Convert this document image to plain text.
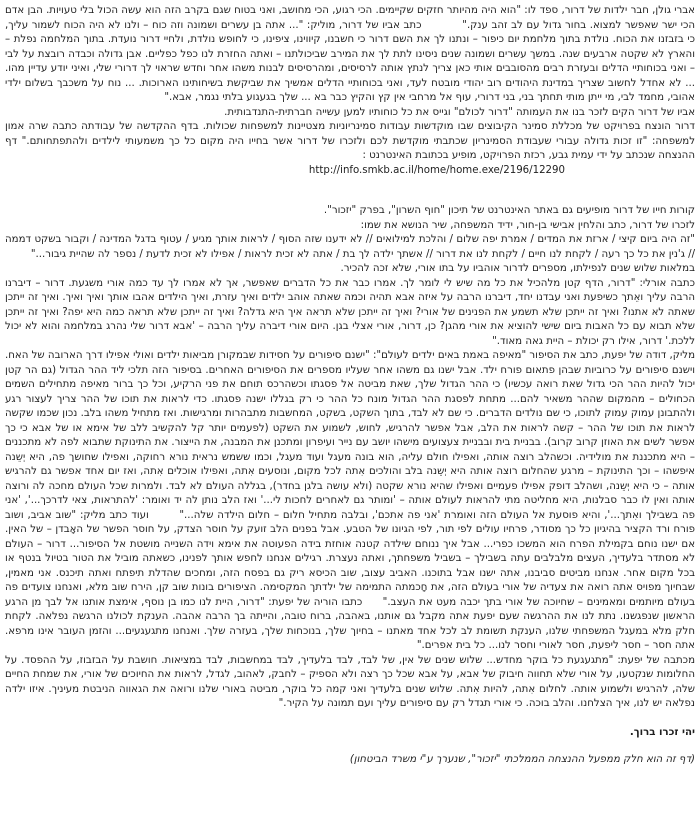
אברי גולן, חבר ילדות של דרור, ספד לו: "הוא היה מהיותר חזקים שקיימים. הכי רגוע, הכי מחושב, ואני בטוח שגם בקרב הזה הוא עשה הכול בלי טעויות. הבן אדם הכי ישר שאפשר למצוא. בחור גדול עם לב זהב ענק."    כתב אביו של דרור, מוליק: "... אתה בן עשרים ושמונה וזה כוח – ולנו לא היה הכוח לשמור עליך, כי בזבזנו את הכוח. נולדת בתוך מלחמת יום כיפור – ונתנו לך את השם דרור כי חשבנו, קיווינו, ציפינו, כי לחופש נולדת, ולחיי דרור נועדת. בתוך המלחמה נפלת – והארץ לא שקטה ארבעים שנה. במשך עשרים ושמונה שנים ניסינו לתת לך את המירב שביכולתנו – ואתה החזרת לנו כפל כפליים. אבן גדולה וכבדה רובצת על לבי – ואני בכוחותיי הדלים ובעזרת רבים מהסובבים אותי כאן צריך לנתץ אותה לרסיסים, ומהרסיסים לבנות משהו אחר וחדש שראוי לך דרורי שלי, ואיני יודע עדיין מהו. ... לא אחדל לחשוב שצריך במדינת היהודים רוב יהודי מובטח לעד, ואני בכוחותיי הדלים אמשיך את שביקשת בשיחותינו הארוכות. ... נוח על משכבך בשלום ילדי אהובי, מחמד לבי, מי ייתן מותי תחתך בני, בני דרורי, עוף אל מרחבי אין קץ והקיץ כבר בא ... שלך בגעגוע בלתי נגמר, אבא."

אביו של דרור הקים לזכר בנו את העמותה "דרור לכולם" וגייס את כל כוחותיו למען עשייה חברתית-התנדבותית.

דרור הונצח בפרויקט של מכללת סמינר הקיבוצים שבו מוקדשות עבודות סמינריוניות מצטיינות למשפחות שכולות. בדף ההקדשה של עבודתה כתבה שרה אמון למשפחה: "זו זכות גדולה עבורי שעבודת הסמינריון שכתבתי מוקדשת לכם ולזכרו של דרור אשר בחייו היה מקום כל כך משמעותי לילדים ולהתפתחותם." דף ההנצחה שנכתב על ידי עמית גבע, רכזת הפרויקט, מופיע בכתובת האינטרנט :

http://info.smkb.ac.il/home/home.exe/2196/12290

קורות חייו של דרור מופיעים גם באתר האינטרנט של תיכון "חוף השרון", בפרק "יזכור".

לזכרו של דרור, כתב והלחין אבישי בן-חור, ידיד המשפחה, שיר הנושא את שמו:

"זה היה ביום קיצי / ארזת את המדים / אמרת יפה שלום / והלכת למילואים // לא ידענו שזה הסוף / לראות אותך מגיע / עטוף בדגל המדינה / וקבור בשקט דממה // ג'נין את כל כך רעה / לקחת לנו חיים / לקחת לנו את דרור // אשתך ילדה לך בת / אתה לא זכית לראות / אפילו לא זכית לדעת / נספר לה שהיית גיבור..."

במלאות שלוש שנים לנפילתו, מספרים לדרור אוהביו על בתו אורי, שלא זכה להכיר.

כתבה אורלי: "דרור, הדף קטן מלהכיל את כל מה שיש לי לומר לך. אמרו כבר את כל הדברים שאפשר, אך לא אמרו לך עד כמה אורי משגעת. דרור – דיברנו הרבה עליך ואֵתך כשיפעת ואני עבדנו יחד, דיברנו הרבה על איזה אבא תהיה וכמה שאתה אוהב ילדים ואיך עזרת, ואיך הילדים אהבו אותך ואיך ואיך. ואיך זה ייתכן שאתה לא אתנו? ואיך זה ייתכן שלא תשמע את הפנינים של אורי? ואיך זה ייתכן שלא תראה איך היא גדלה? ואיך זה ייתכן שלא תראה כמה היא יפה? ואיך זה ייתכן שלא תבוא עם כל האבות ביום שישי להוציא את אורי מהגן? כן, דרור, אורי אצלי בגן. היום אורי דיברה עליך הרבה – 'אבא דרור שלי נהרג במלחמה והוא לא יכול ללכת.' דרור, אילו רק יכולת – היית גאה מאוד."

מליק, דודה של יפעת, כתב את הסיפור "מאיפה באמת באים ילדים לעולם": "ישנם סיפורים על חסידות שבמקורן מביאות ילדים ואולי אפילו דרך הארובה של האח. וישנם סיפורים על כרוביות שבהן פתאום פורח ילד. אבל ישנו גם משהו אחר שעליו מספרים את הסיפורים האחרים. בסיפור הזה תלכי ליד ההר הגדול (גם הר קטן יכול להיות ההר הכי גדול שאת רואה עכשיו) כי ההר הגדול שלך, שאת מביטה אל פסגתו וכשהרכס תוחם את פני הרקיע, וכל כך ברור מאיפה מתחילים השמים הכחולים – מהמקום שההר משאיר להם... מתחת לפסגת ההר הגדול מונח כל ההר כי רק בגללו ישנה פסגתו. כדי לראות את תוכו של ההר צריך לעצור רגע ולהתבונן עמוק עמוק לתוכו, כי שם נולדים הדברים. כי שם לא לבד, בתוך השקט, בשקט, המחשבות מתבהרות ומרגישות. ואז מתחיל משהו בלב. נכון שכמו שקשה לראות את תוכו של ההר – קשה לראות את הלב, אבל אפשר להרגיש, לחוש, לשמוע את השקט (לפעמים יותר קל להקשיב ללב של אימא או של אבא כי כך אפשר לשים את האוזן קרוב קרוב). בבניית בית ובבניית צעצועים מישהו יושב עם נייר ועיפרון ומתכנן את המבנה, את הייצור. את התינוקת שתבוא לפה לא מתכננים – היא מתכננת את מולידיה. וכשהלב רוצה אותה, ואפילו חולם עליה, הוא בונה מעגל ועוד מעגל, וכמו ששמש נראית נורא רחוקה, ואפילו שחושך פה, היא יְשֵנה איפשהו – וכך התינוקת – מרגע שהחלום רוצה אותה היא יְשֵנה בלב והולכים אִתה לכל מקום, ונוסעים אִתה, ואפילו אוכלים אִתה, ואז יום אחד אפשר גם להרגיש אותה – כי היא יְשֵנה, ושהלב דופק אפילו פעמיים ואפילו שהיא נורא שקטה (ולא עושה בלגן בחדר), בגללה העולם לא לבד. ולמרות שכל העולם מחכה לה ורוצה אותה ואין לו כבר סבלנות, היא מחליטה מתי להראות לעולם אותה – 'ומותר גם לאחרים לחכות לי...' ואז הלב נותן לה יד ואומר: 'להתראות, צאי לדרכך...', 'אני פה בשבילך ואִתך...', והיא פוסעת אל העולם הזה ואומרת 'אני פה אתכם', ובלבה מתחיל חלום – חלום הילדה שלה..."   ועוד כתב מליק: "שוב אביב, ושוב פורח ורד הקציר בהיגיון כל כך מסודר, פרחיו עולים לפי תור, לפי הגיונו של הטבע. אבל בפנים הלב זועק על חוסר הצדק, על חוסר הפשר של האָבדן – של האין. אם ישנו נוחם בקמילת הפרח הוא המשכו כפרי... אבל איך ננוחם שילדה קטנה אוחזת בידה הפעוטה את אימא וידה השנייה מושטת אל הסיפור... דרור – העולם לא מסתדר בלעדיך, העצים מלבלבים עתה בשבילך – בשביל משפחתך, ואתה נעצרת. רגילים אנחנו לחפש אותך לפנינו, כשאתה מוביל את הטור בטיול בנטף או בכל מקום אחר. אנחנו מביטים סביבנו, אתה ישנו אבל בתוכנו. האביב עצוב, שוב הכיסא ריק גם בפסח הזה, ומחכים שהדלת תיפתח ואתה תיכנס. אני מאמין, שבחיוך מפויס אתה רואה את צעדיה של אורי בעולם הזה, את חָכמתה התמימה של ילדתך המקסימה. הציפורים בונות שוב קן, הירח שוב מלא, ואנחנו צועדים פה בעולם מיותמים ומאמינים – שחיוכה של אורי בתך יכבה מעט את העצב."  כתבו הוריה של יפעת: "דרור, היית לנו כמו בן נוסף, אימצת אותנו אל לבך מן הרגע הראשון שנפגשנו. נתת לנו את ההרגשה שעם יפעת אתה מקבל גם אותנו, באהבה, ברוח טובה, והייתה בך הרבה אהבה. הענקת לכולנו הרגשה נפלאה. לקחת חלק מלא במעגל המשפחתי שלנו, הענקת תשומת לב לכל אחד מאתנו – בחיוך שלך, בנוכחות שלך, בעזרה שלך. ואנחנו מתגעגעים... והזמן העובר אינו מרפא. אתה חסר – חסר ליפעת, חסר לאורי וחסר לנו... כל בית אפרים."

מכתבה של יפעת: "מתגעגעת כל בוקר מחדש... שלוש שנים של אין, של לבד, לבד בלעדיך, לבד במחשבות, לבד במציאות. חושבת על הבזבוז, על ההפסד. על החלומות שנקטעו, על אורי שלא תחווה חיבוק של אבא, על אבא שכל כך רצה ולא הספיק – לחבק, לאהוב, לגדל, לראות את החיוכים של אורי, את שמחת החיים שלה, להרגיש ולשמוע אותה. לחלום אִתה, להיות אִתה. שלוש שנים בלעדיך ואני קמה כל בוקר, מביטה באורי שלנו ורואה את הגאווה הניבטת מעיניך. איזו ילדה נפלאה יש לנו, איך הצלחנו. והלב בוכה. כי אורי תגדל רק עם סיפורים עליך ועם תמונה על הקיר."

יהי זכרו ברוך.

(דף זה הוא חלק ממפעל ההנצחה הממלכתי "יזכור", שנערך ע"י משרד הביטחון)
